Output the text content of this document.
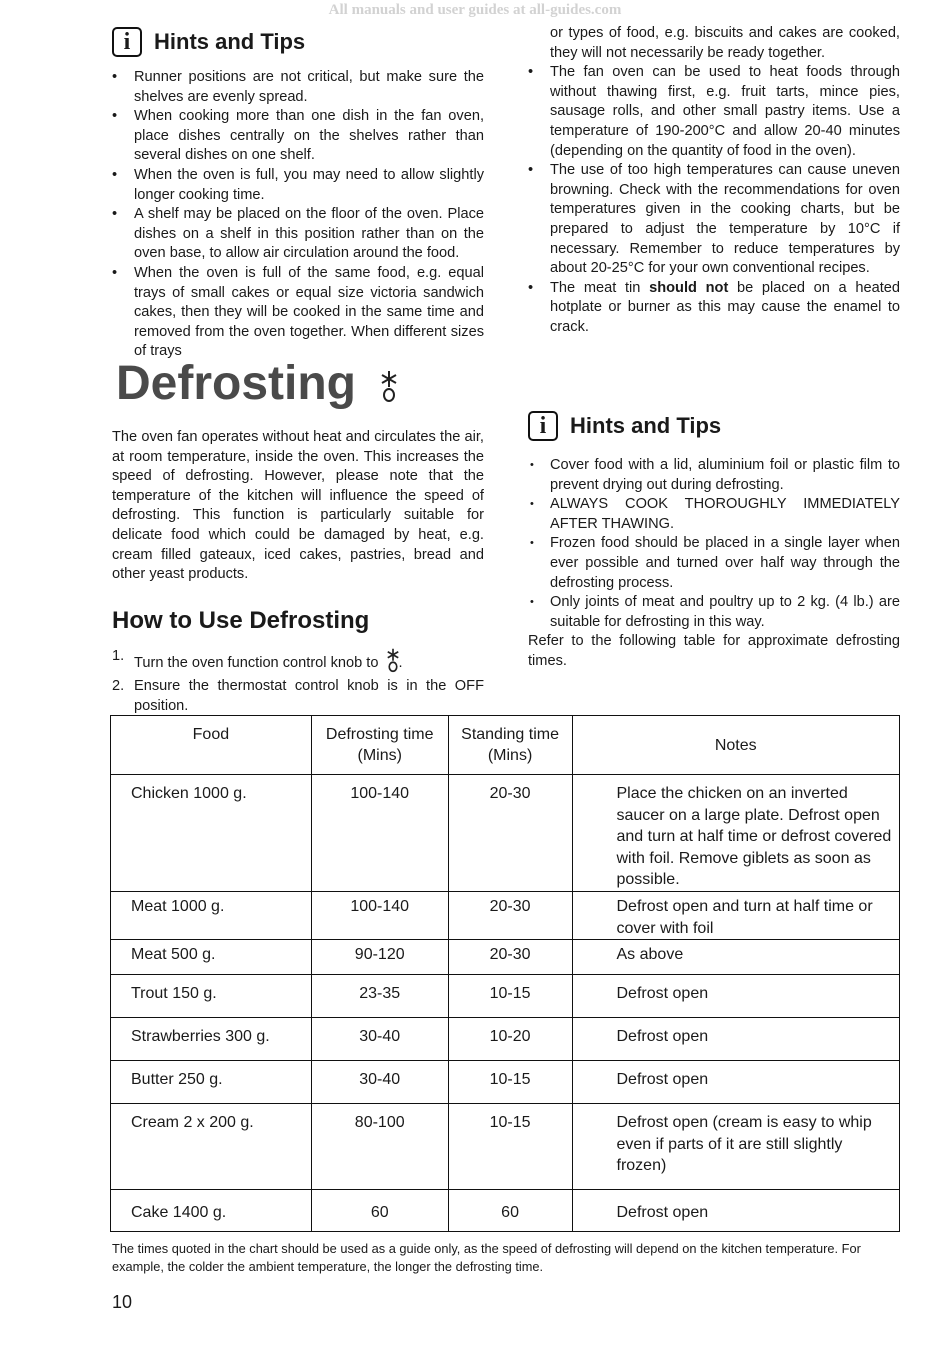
All manuals and user guides at all-guides.com
i	Hints and Tips
• Runner positions are not critical, but make sure the shelves are evenly spread.
• When cooking more than one dish in the fan oven, place dishes centrally on the shelves rather than several dishes on one shelf.
• When the oven is full, you may need to allow slightly longer cooking time.
• A shelf may be placed on the floor of the oven. Place dishes on a shelf in this position rather than on the oven base, to allow air circulation around the food.
• When the oven is full of the same food, e.g. equal trays of small cakes or equal size victoria sandwich cakes, then they will be cooked in the same time and removed from the oven together. When different sizes of trays
Defrosting
The oven fan operates without heat and circulates the air, at room temperature, inside the oven. This increases the speed of defrosting. However, please note that the temperature of the kitchen will influence the speed of defrosting. This function is particularly suitable for delicate food which could be damaged by heat, e.g. cream filled gateaux, iced cakes, pastries, bread and other yeast products.
How to Use Defrosting
1. Turn the oven function control knob to .
2. Ensure the thermostat control knob is in the OFF position.
or types of food, e.g. biscuits and cakes are cooked, they will not necessarily be ready together.
• The fan oven can be used to heat foods through without thawing first, e.g. fruit tarts, mince pies, sausage rolls, and other small pastry items. Use a temperature of 190-200°C and allow 20-40 minutes (depending on the quantity of food in the oven).
• The use of too high temperatures can cause uneven browning. Check with the recommendations for oven temperatures given in the cooking charts, but be prepared to adjust the temperature by 10°C if necessary. Remember to reduce temperatures by about 20-25°C for your own conventional recipes.
• The meat tin should not be placed on a heated hotplate or burner as this may cause the enamel to crack.
i	Hints and Tips
• Cover food with a lid, aluminium foil or plastic film to prevent drying out during defrosting.
• ALWAYS COOK THOROUGHLY IMMEDIATELY AFTER THAWING.
• Frozen food should be placed in a single layer when ever possible and turned over half way through the defrosting process.
• Only joints of meat and poultry up to 2 kg. (4 lb.) are suitable for defrosting in this way.
Refer to the following table for approximate defrosting times.
Food	Defrosting time (Mins)	Standing time (Mins)	Notes
Chicken 1000 g.	100-140	20-30	Place the chicken on an inverted saucer on a large plate. Defrost open and turn at half time or defrost covered with foil. Remove giblets as soon as possible.
Meat 1000 g.	100-140	20-30	Defrost open and turn at half time or cover with foil
Meat 500 g.	90-120	20-30	As above
Trout 150 g.	23-35	10-15	Defrost open
Strawberries 300 g.	30-40	10-20	Defrost open
Butter 250 g.	30-40	10-15	Defrost open
Cream 2 x 200 g.	80-100	10-15	Defrost open (cream is easy to whip even if parts of it are still slightly frozen)
Cake 1400 g.	60	60	Defrost open
The times quoted in the chart should be used as a guide only, as the speed of defrosting will depend on the kitchen temperature. For example, the colder the ambient temperature, the longer the defrosting time.
10
